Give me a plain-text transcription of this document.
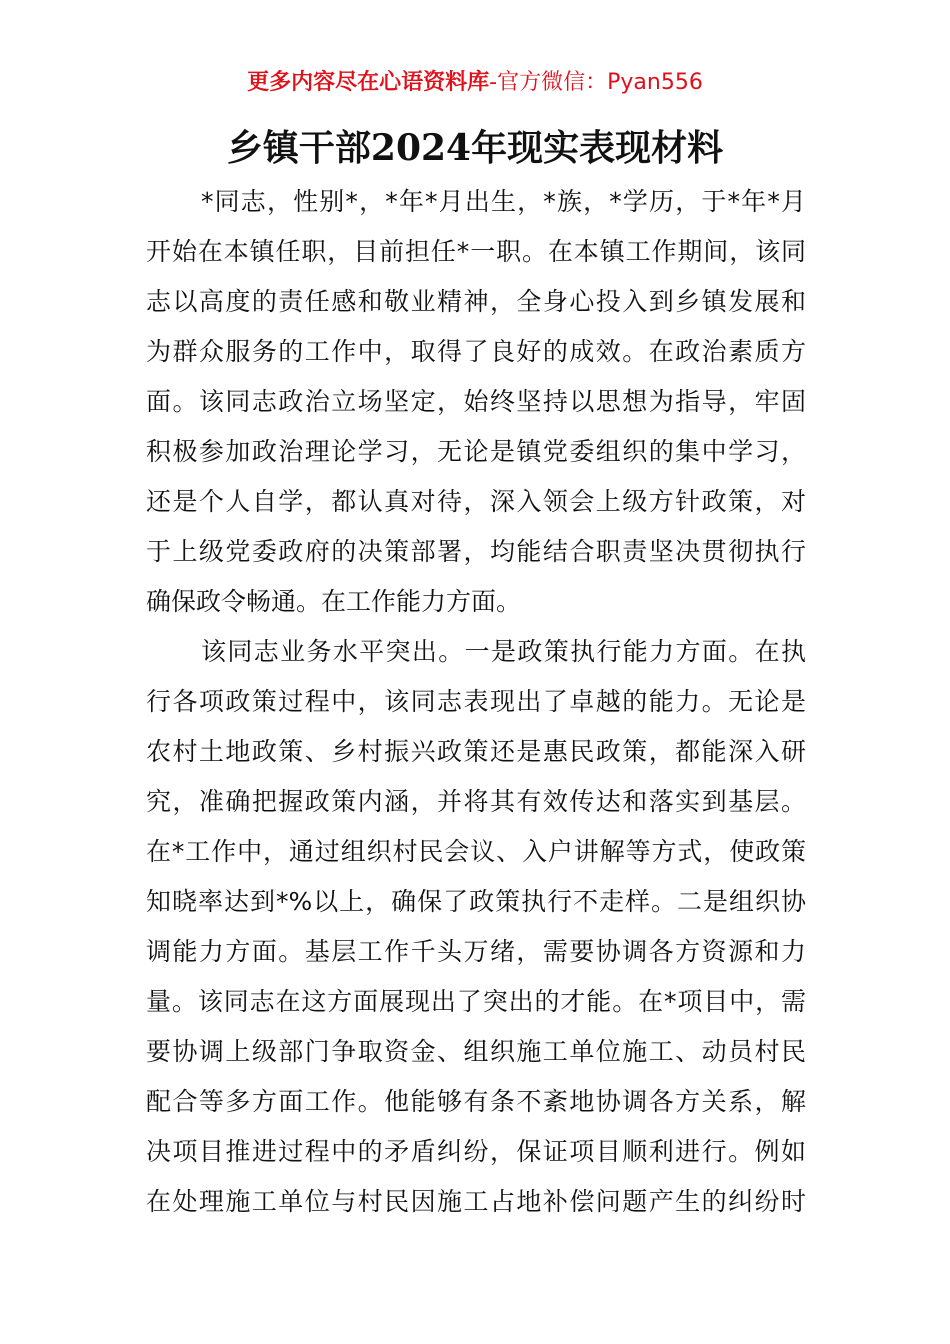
更多内容尽在心语资料库-官方微信：Pyan556
乡镇干部2024年现实表现材料
*同志，性别*，*年*月出生，*族，*学历，于*年*月
开始在本镇任职，目前担任*一职。在本镇工作期间，该同
志以高度的责任感和敬业精神，全身心投入到乡镇发展和
为群众服务的工作中，取得了良好的成效。在政治素质方
面。该同志政治立场坚定，始终坚持以思想为指导，牢固
积极参加政治理论学习，无论是镇党委组织的集中学习，
还是个人自学，都认真对待，深入领会上级方针政策，对
于上级党委政府的决策部署，均能结合职责坚决贯彻执行
确保政令畅通。在工作能力方面。
该同志业务水平突出。一是政策执行能力方面。在执
行各项政策过程中，该同志表现出了卓越的能力。无论是
农村土地政策、乡村振兴政策还是惠民政策，都能深入研
究，准确把握政策内涵，并将其有效传达和落实到基层。
在*工作中，通过组织村民会议、入户讲解等方式，使政策
知晓率达到*%以上，确保了政策执行不走样。二是组织协
调能力方面。基层工作千头万绪，需要协调各方资源和力
量。该同志在这方面展现出了突出的才能。在*项目中，需
要协调上级部门争取资金、组织施工单位施工、动员村民
配合等多方面工作。他能够有条不紊地协调各方关系，解
决项目推进过程中的矛盾纠纷，保证项目顺利进行。例如
在处理施工单位与村民因施工占地补偿问题产生的纠纷时
